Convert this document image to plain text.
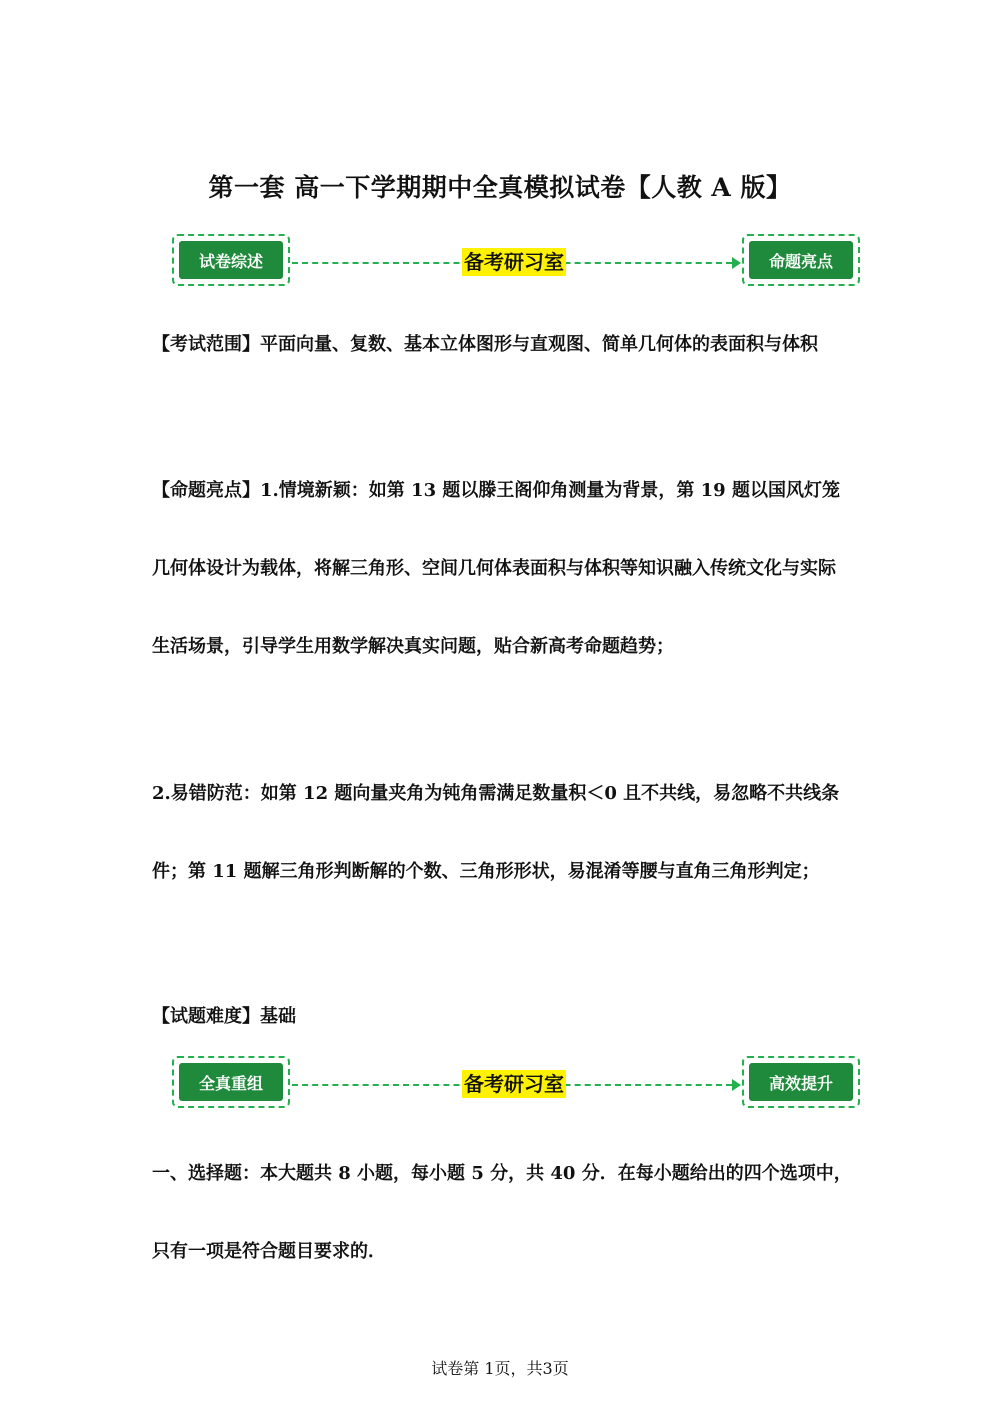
第一套 高一下学期期中全真模拟试卷【人教 A 版】
试卷综述	备考研习室	命题亮点

【考试范围】平面向量、复数、基本立体图形与直观图、简单几何体的表面积与体积

【命题亮点】1.情境新颖：如第 13 题以滕王阁仰角测量为背景，第 19 题以国风灯笼几何体设计为载体，将解三角形、空间几何体表面积与体积等知识融入传统文化与实际生活场景，引导学生用数学解决真实问题，贴合新高考命题趋势；

2.易错防范：如第 12 题向量夹角为钝角需满足数量积＜0 且不共线，易忽略不共线条件；第 11 题解三角形判断解的个数、三角形形状，易混淆等腰与直角三角形判定；

【试题难度】基础

全真重组	备考研习室	高效提升

一、选择题：本大题共 8 小题，每小题 5 分，共 40 分．在每小题给出的四个选项中，只有一项是符合题目要求的．

试卷第 1页，共3页
